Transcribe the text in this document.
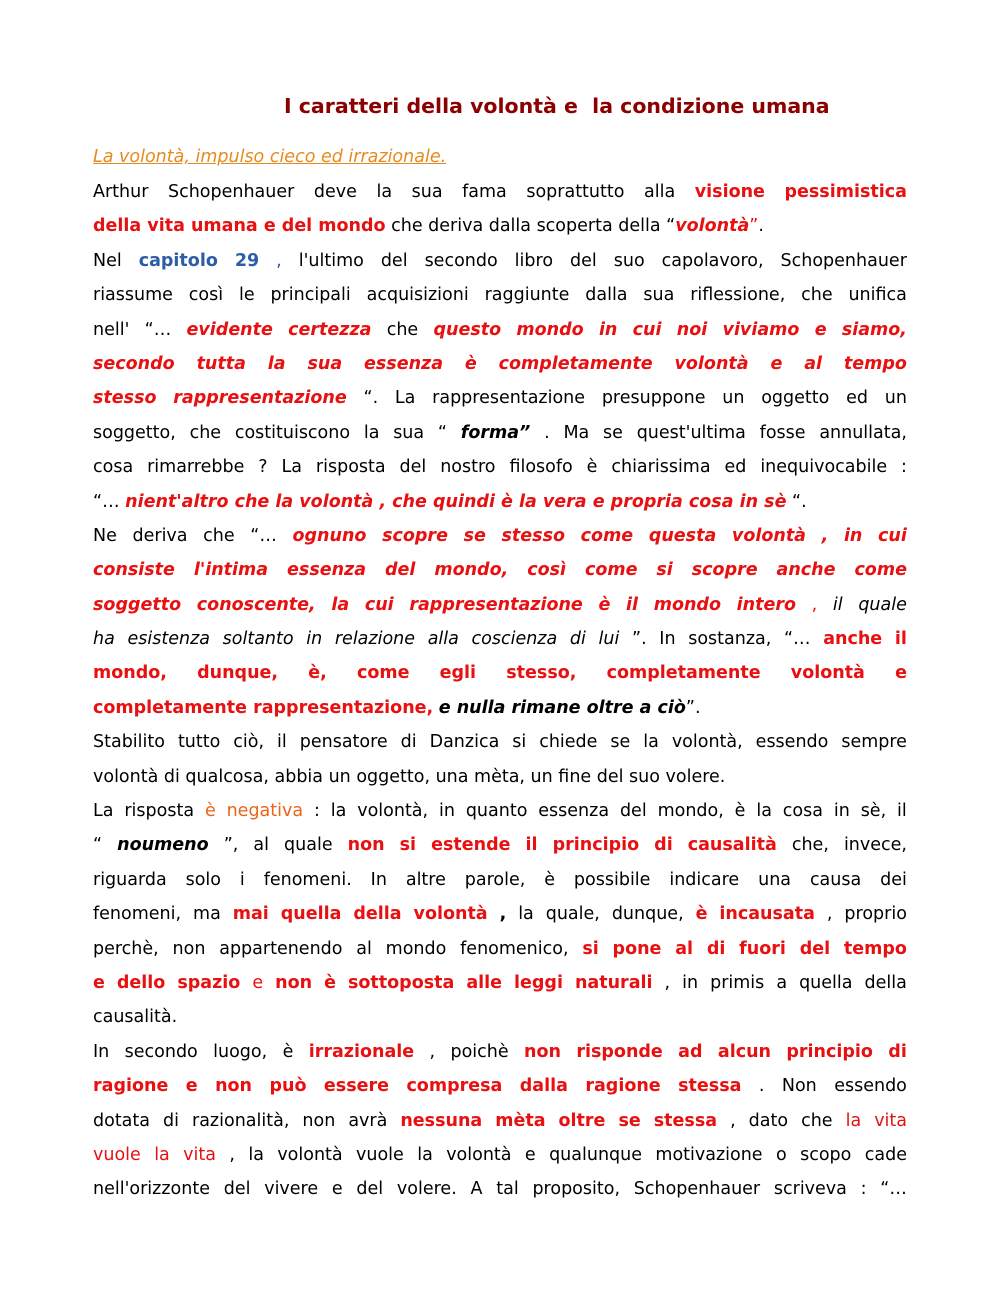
I caratteri della volontà e  la condizione umana

La volontà, impulso cieco ed irrazionale.

Arthur Schopenhauer deve la sua fama soprattutto alla visione pessimistica
della vita umana e del mondo che deriva dalla scoperta della “ volontà ” .
Nel capitolo 29 , l'ultimo del secondo libro del suo capolavoro, Schopenhauer
riassume così le principali acquisizioni raggiunte dalla sua riflessione, che unifica
nell' “… evidente certezza che questo mondo in cui noi viviamo e siamo,
secondo tutta la sua essenza è completamente volontà e al tempo
stesso rappresentazione “. La rappresentazione presuppone un oggetto ed un
soggetto, che costituiscono la sua “ forma” . Ma se quest'ultima fosse annullata,
cosa rimarrebbe ? La risposta del nostro filosofo è chiarissima ed inequivocabile :
“… nient'altro che la volontà , che quindi è la vera e propria cosa in sè “.
Ne deriva che “… ognuno scopre se stesso come questa volontà , in cui
consiste l'intima essenza del mondo, così come si scopre anche come
soggetto conoscente, la cui rappresentazione è il mondo intero , il quale
ha esistenza soltanto in relazione alla coscienza di lui ”. In sostanza, “… anche il
mondo, dunque, è, come egli stesso, completamente volontà e
completamente rappresentazione,
e nulla rimane oltre a ciò ”.
Stabilito tutto ciò, il pensatore di Danzica si chiede se la volontà, essendo sempre
volontà di qualcosa, abbia un oggetto, una mèta, un fine del suo volere.
La risposta è negativa : la volontà, in quanto essenza del mondo, è la cosa in sè, il
“ noumeno ”, al quale non si estende il principio di causalità che, invece,
riguarda solo i fenomeni. In altre parole, è possibile indicare una causa dei
fenomeni, ma mai quella della volontà , la quale, dunque, è incausata , proprio
perchè, non appartenendo al mondo fenomenico, si pone al di fuori del tempo
e dello spazio e non è sottoposta alle leggi naturali , in primis a quella della
causalità.
In secondo luogo, è irrazionale , poichè non risponde ad alcun principio di
ragione e non può essere compresa dalla ragione stessa . Non essendo
dotata di razionalità, non avrà nessuna mèta oltre se stessa , dato che la vita
vuole la vita , la volontà vuole la volontà e qualunque motivazione o scopo cade
nell'orizzonte del vivere e del volere. A tal proposito, Schopenhauer scriveva : “…
